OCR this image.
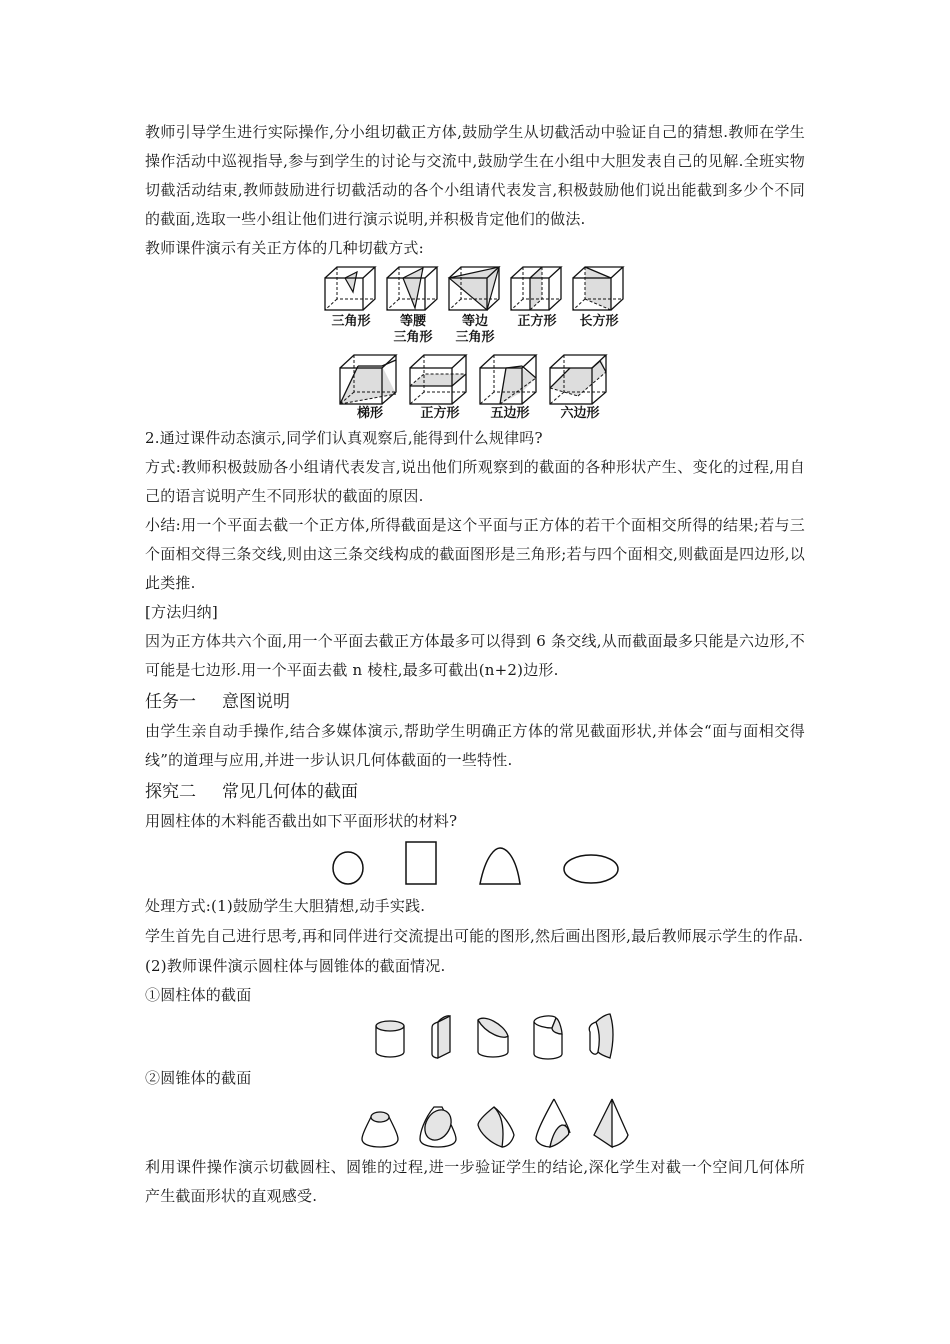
教师引导学生进行实际操作,分小组切截正方体,鼓励学生从切截活动中验证自己的猜想.教师在学生操作活动中巡视指导,参与到学生的讨论与交流中,鼓励学生在小组中大胆发表自己的见解.全班实物切截活动结束,教师鼓励进行切截活动的各个小组请代表发言,积极鼓励他们说出能截到多少个不同的截面,选取一些小组让他们进行演示说明,并积极肯定他们的做法.

教师课件演示有关正方体的几种切截方式:

三角形 等腰
三角形
等边
三角形
正方形 长方形
梯形	正方形 五边形 六边形

2.通过课件动态演示,同学们认真观察后,能得到什么规律吗?

方式:教师积极鼓励各小组请代表发言,说出他们所观察到的截面的各种形状产生、变化的过程,用自己的语言说明产生不同形状的截面的原因.

小结:用一个平面去截一个正方体,所得截面是这个平面与正方体的若干个面相交所得的结果;若与三个面相交得三条交线,则由这三条交线构成的截面图形是三角形;若与四个面相交,则截面是四边形,以此类推.

[方法归纳]

因为正方体共六个面,用一个平面去截正方体最多可以得到 6 条交线,从而截面最多只能是六边形,不可能是七边形.用一个平面去截 n 棱柱,最多可截出(n+2)边形.

任务一 意图说明

由学生亲自动手操作,结合多媒体演示,帮助学生明确正方体的常见截面形状,并体会“面与面相交得线”的道理与应用,并进一步认识几何体截面的一些特性.

探究二 常见几何体的截面

用圆柱体的木料能否截出如下平面形状的材料?

处理方式:(1)鼓励学生大胆猜想,动手实践.

学生首先自己进行思考,再和同伴进行交流提出可能的图形,然后画出图形,最后教师展示学生的作品.

(2)教师课件演示圆柱体与圆锥体的截面情况.

①圆柱体的截面

②圆锥体的截面

利用课件操作演示切截圆柱、圆锥的过程,进一步验证学生的结论,深化学生对截一个空间几何体所产生截面形状的直观感受.
